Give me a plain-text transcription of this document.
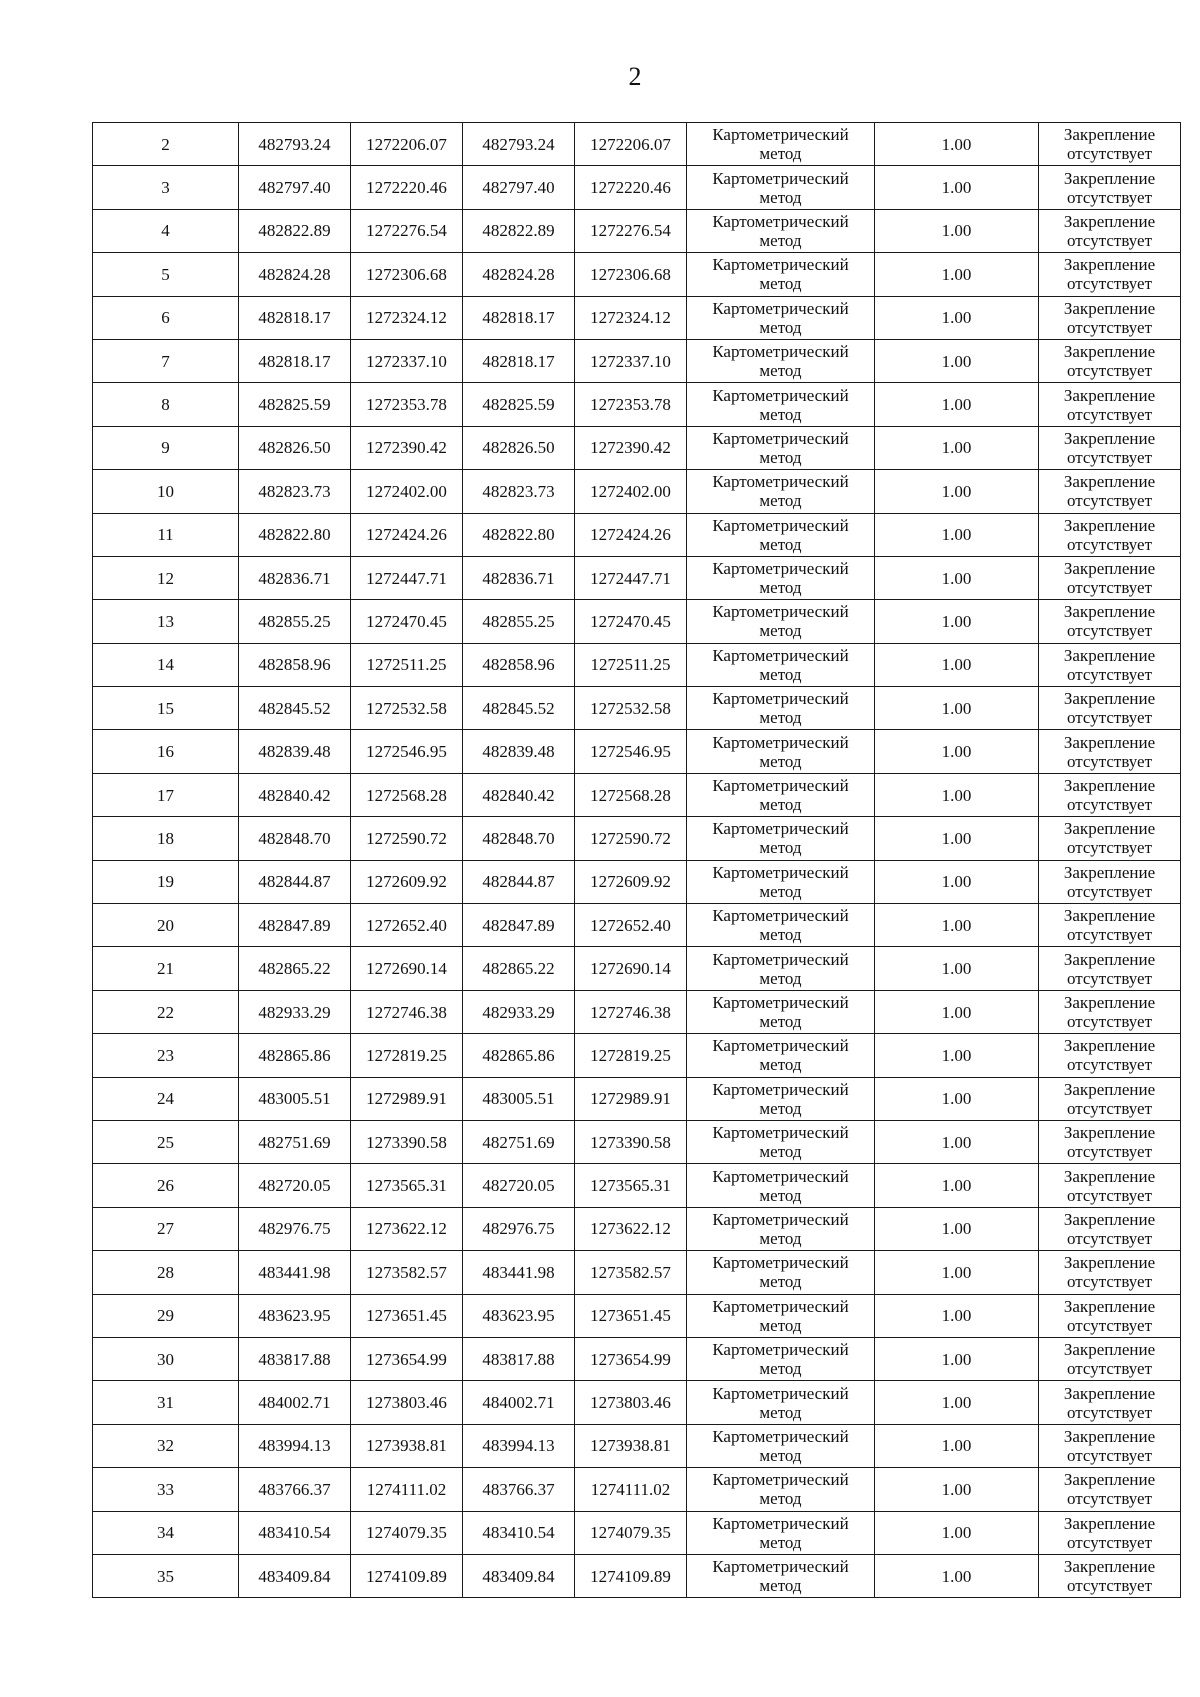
2
2	482793.24	1272206.07	482793.24	1272206.07	Картометрический
метод	1.00	Закрепление
отсутствует

3	482797.40	1272220.46	482797.40	1272220.46	Картометрический
метод	1.00	Закрепление
отсутствует

4	482822.89	1272276.54	482822.89	1272276.54	Картометрический
метод	1.00	Закрепление
отсутствует

5	482824.28	1272306.68	482824.28	1272306.68	Картометрический
метод	1.00	Закрепление
отсутствует

6	482818.17	1272324.12	482818.17	1272324.12	Картометрический
метод	1.00	Закрепление
отсутствует

7	482818.17	1272337.10	482818.17	1272337.10	Картометрический
метод	1.00	Закрепление
отсутствует

8	482825.59	1272353.78	482825.59	1272353.78	Картометрический
метод	1.00	Закрепление
отсутствует

9	482826.50	1272390.42	482826.50	1272390.42	Картометрический
метод	1.00	Закрепление
отсутствует

10	482823.73	1272402.00	482823.73	1272402.00	Картометрический
метод	1.00	Закрепление
отсутствует

11	482822.80	1272424.26	482822.80	1272424.26	Картометрический
метод	1.00	Закрепление
отсутствует

12	482836.71	1272447.71	482836.71	1272447.71	Картометрический
метод	1.00	Закрепление
отсутствует

13	482855.25	1272470.45	482855.25	1272470.45	Картометрический
метод	1.00	Закрепление
отсутствует

14	482858.96	1272511.25	482858.96	1272511.25	Картометрический
метод	1.00	Закрепление
отсутствует

15	482845.52	1272532.58	482845.52	1272532.58	Картометрический
метод	1.00	Закрепление
отсутствует

16	482839.48	1272546.95	482839.48	1272546.95	Картометрический
метод	1.00	Закрепление
отсутствует

17	482840.42	1272568.28	482840.42	1272568.28	Картометрический
метод	1.00	Закрепление
отсутствует

18	482848.70	1272590.72	482848.70	1272590.72	Картометрический
метод	1.00	Закрепление
отсутствует

19	482844.87	1272609.92	482844.87	1272609.92	Картометрический
метод	1.00	Закрепление
отсутствует

20	482847.89	1272652.40	482847.89	1272652.40	Картометрический
метод	1.00	Закрепление
отсутствует

21	482865.22	1272690.14	482865.22	1272690.14	Картометрический
метод	1.00	Закрепление
отсутствует

22	482933.29	1272746.38	482933.29	1272746.38	Картометрический
метод	1.00	Закрепление
отсутствует

23	482865.86	1272819.25	482865.86	1272819.25	Картометрический
метод	1.00	Закрепление
отсутствует

24	483005.51	1272989.91	483005.51	1272989.91	Картометрический
метод	1.00	Закрепление
отсутствует

25	482751.69	1273390.58	482751.69	1273390.58	Картометрический
метод	1.00	Закрепление
отсутствует

26	482720.05	1273565.31	482720.05	1273565.31	Картометрический
метод	1.00	Закрепление
отсутствует

27	482976.75	1273622.12	482976.75	1273622.12	Картометрический
метод	1.00	Закрепление
отсутствует

28	483441.98	1273582.57	483441.98	1273582.57	Картометрический
метод	1.00	Закрепление
отсутствует

29	483623.95	1273651.45	483623.95	1273651.45	Картометрический
метод	1.00	Закрепление
отсутствует

30	483817.88	1273654.99	483817.88	1273654.99	Картометрический
метод	1.00	Закрепление
отсутствует

31	484002.71	1273803.46	484002.71	1273803.46	Картометрический
метод	1.00	Закрепление
отсутствует

32	483994.13	1273938.81	483994.13	1273938.81	Картометрический
метод	1.00	Закрепление
отсутствует

33	483766.37	1274111.02	483766.37	1274111.02	Картометрический
метод	1.00	Закрепление
отсутствует

34	483410.54	1274079.35	483410.54	1274079.35	Картометрический
метод	1.00	Закрепление
отсутствует

35	483409.84	1274109.89	483409.84	1274109.89	Картометрический
метод	1.00	Закрепление
отсутствует
